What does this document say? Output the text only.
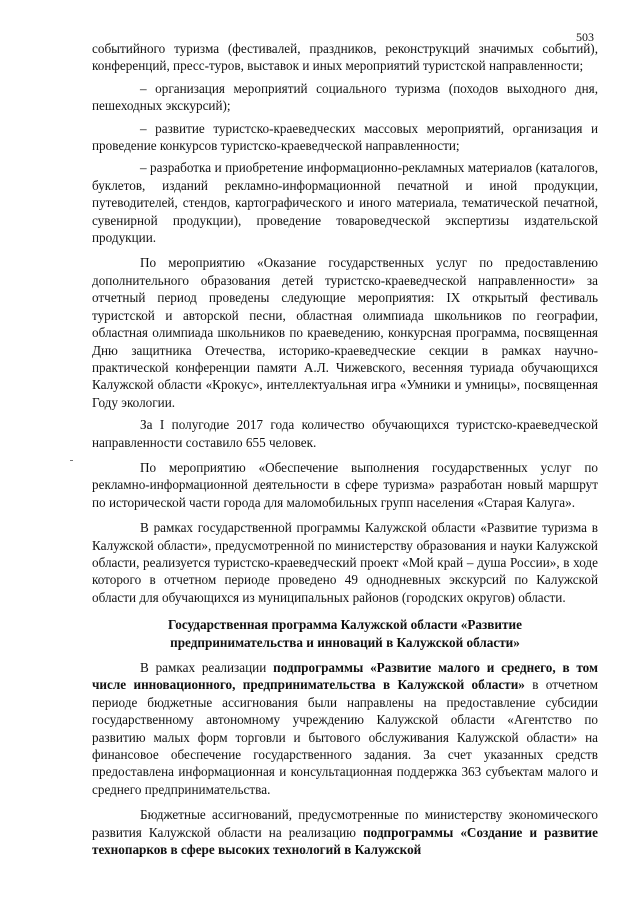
503

событийного туризма (фестивалей, праздников, реконструкций значимых событий), конференций, пресс-туров, выставок и иных мероприятий туристской направленности;

– организация мероприятий социального туризма (походов выходного дня, пешеходных экскурсий);

– развитие туристско-краеведческих массовых мероприятий, организация и проведение конкурсов туристско-краеведческой направленности;

– разработка и приобретение информационно-рекламных материалов (каталогов, буклетов, изданий рекламно-информационной печатной и иной продукции, путеводителей, стендов, картографического и иного материала, тематической печатной, сувенирной продукции), проведение товароведческой экспертизы издательской продукции.

По мероприятию «Оказание государственных услуг по предоставлению дополнительного образования детей туристско-краеведческой направленности» за отчетный период проведены следующие мероприятия: IX открытый фестиваль туристской и авторской песни, областная олимпиада школьников по географии, областная олимпиада школьников по краеведению, конкурсная программа, посвященная Дню защитника Отечества, историко-краеведческие секции в рамках научно-практической конференции памяти А.Л. Чижевского, весенняя туриада обучающихся Калужской области «Крокус», интеллектуальная игра «Умники и умницы», посвященная Году экологии.

За I полугодие 2017 года количество обучающихся туристско-краеведческой направленности составило 655 человек.

По мероприятию «Обеспечение выполнения государственных услуг по рекламно-информационной деятельности в сфере туризма» разработан новый маршрут по исторической части города для маломобильных групп населения «Старая Калуга».

В рамках государственной программы Калужской области «Развитие туризма в Калужской области», предусмотренной по министерству образования и науки Калужской области, реализуется туристско-краеведческий проект «Мой край – душа России», в ходе которого в отчетном периоде проведено 49 однодневных экскурсий по Калужской области для обучающихся из муниципальных районов (городских округов) области.

Государственная программа Калужской области «Развитие предпринимательства и инноваций в Калужской области»

В рамках реализации подпрограммы «Развитие малого и среднего, в том числе инновационного, предпринимательства в Калужской области» в отчетном периоде бюджетные ассигнования были направлены на предоставление субсидии государственному автономному учреждению Калужской области «Агентство по развитию малых форм торговли и бытового обслуживания Калужской области» на финансовое обеспечение государственного задания. За счет указанных средств предоставлена информационная и консультационная поддержка 363 субъектам малого и среднего предпринимательства.

Бюджетные ассигнований, предусмотренные по министерству экономического развития Калужской области на реализацию подпрограммы «Создание и развитие технопарков в сфере высоких технологий в Калужской
